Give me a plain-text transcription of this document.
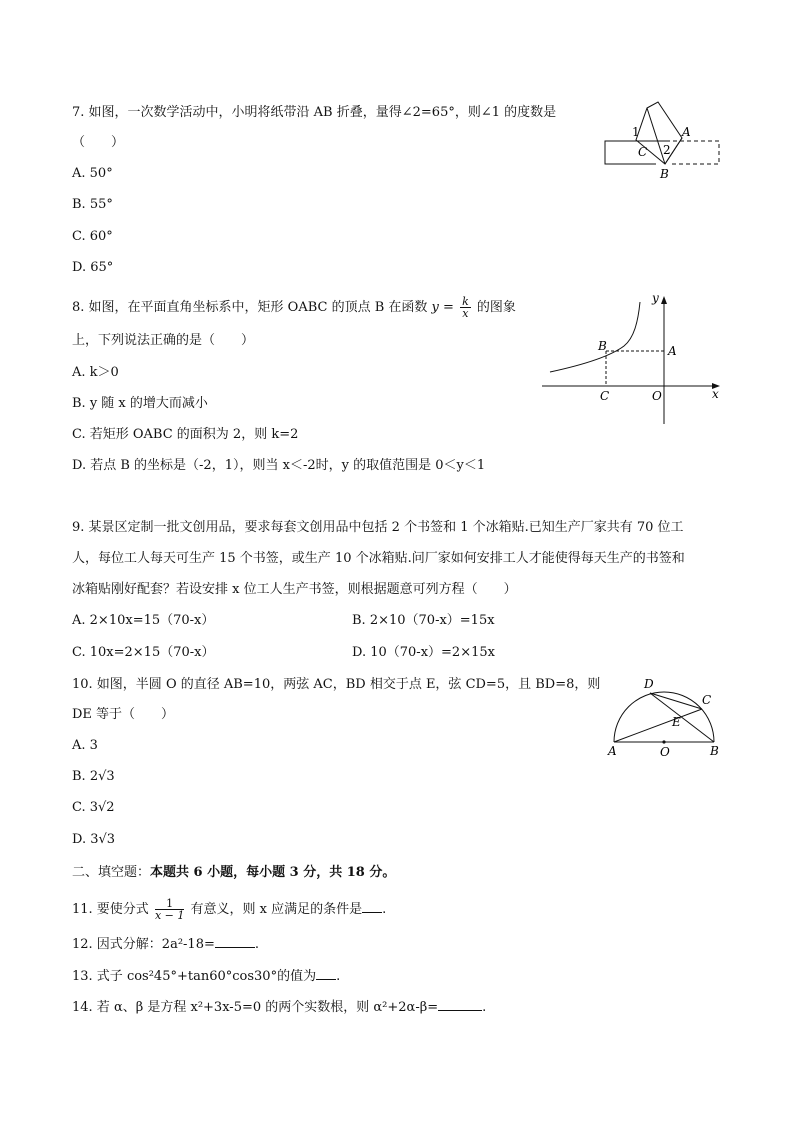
7. 如图，一次数学活动中，小明将纸带沿 AB 折叠，量得∠2=65°，则∠1 的度数是
（　　）
A. 50°
B. 55°
C. 60°
D. 65°
1
2
A
C
B
8. 如图，在平面直角坐标系中，矩形 OABC 的顶点 B 在函数 $y = \frac{k}{x}$ 的图象
上，下列说法正确的是（　　）
A. k＞0
B. y 随 x 的增大而减小
C. 若矩形 OABC 的面积为 2，则 k=2
D. 若点 B 的坐标是（-2，1），则当 x＜-2时，y 的取值范围是 0＜y＜1
y
x
A
B
C	O
9. 某景区定制一批文创用品，要求每套文创用品中包括 2 个书签和 1 个冰箱贴.已知生产厂家共有 70 位工
人，每位工人每天可生产 15 个书签，或生产 10 个冰箱贴.问厂家如何安排工人才能使得每天生产的书签和
冰箱贴刚好配套？若设安排 x 位工人生产书签，则根据题意可列方程（　　）
A. 2×10x=15（70-x）	B. 2×10（70-x）=15x
C. 10x=2×15（70-x）	D. 10（70-x）=2×15x
10. 如图，半圆 O 的直径 AB=10，两弦 AC，BD 相交于点 E，弦 CD=5，且 BD=8，则
DE 等于（　　）
A. 3
B. 2√3
C. 3√2
D. 3√3
D
C
E
A	O	B
二、填空题：本题共 6 小题，每小题 3 分，共 18 分。
11. 要使分式 $\frac{1}{x - 1}$ 有意义，则 x 应满足的条件是 .
12. 因式分解：2a²-18=	.
13. 式子 cos²45°+tan60°cos30°的值为 .
14. 若 α、β 是方程 x²+3x-5=0 的两个实数根，则 α²+2α-β=	.
